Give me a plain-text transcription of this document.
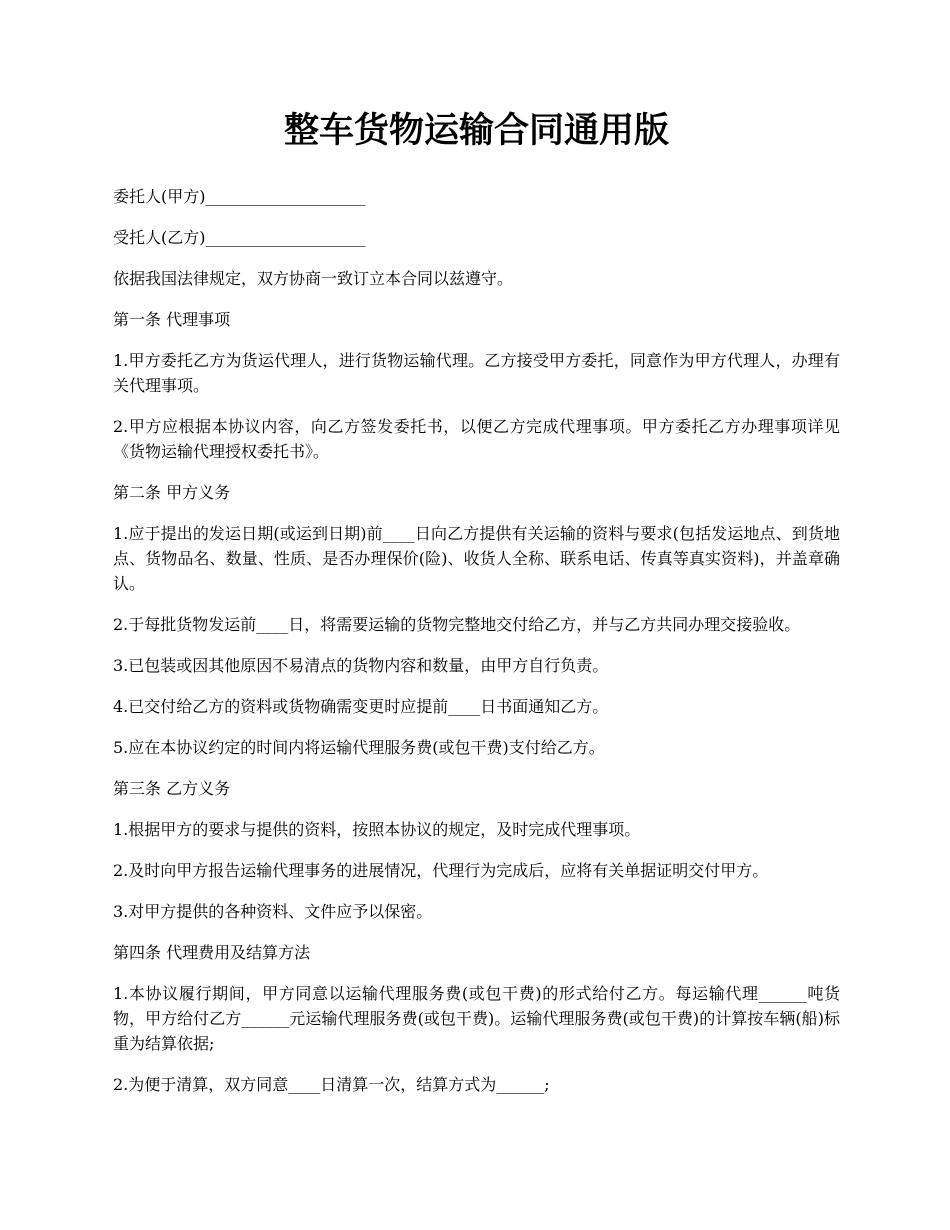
整车货物运输合同通用版

委托人(甲方)____________________

受托人(乙方)____________________

依据我国法律规定，双方协商一致订立本合同以兹遵守。

第一条 代理事项

1.甲方委托乙方为货运代理人，进行货物运输代理。乙方接受甲方委托，同意作为甲方代理人，办理有关代理事项。

2.甲方应根据本协议内容，向乙方签发委托书，以便乙方完成代理事项。甲方委托乙方办理事项详见《货物运输代理授权委托书》。

第二条 甲方义务

1.应于提出的发运日期(或运到日期)前____日向乙方提供有关运输的资料与要求(包括发运地点、到货地点、货物品名、数量、性质、是否办理保价(险)、收货人全称、联系电话、传真等真实资料)，并盖章确认。

2.于每批货物发运前____日，将需要运输的货物完整地交付给乙方，并与乙方共同办理交接验收。

3.已包装或因其他原因不易清点的货物内容和数量，由甲方自行负责。

4.已交付给乙方的资料或货物确需变更时应提前____日书面通知乙方。

5.应在本协议约定的时间内将运输代理服务费(或包干费)支付给乙方。

第三条 乙方义务

1.根据甲方的要求与提供的资料，按照本协议的规定，及时完成代理事项。

2.及时向甲方报告运输代理事务的进展情况，代理行为完成后，应将有关单据证明交付甲方。

3.对甲方提供的各种资料、文件应予以保密。

第四条 代理费用及结算方法

1.本协议履行期间，甲方同意以运输代理服务费(或包干费)的形式给付乙方。每运输代理______吨货物，甲方给付乙方______元运输代理服务费(或包干费)。运输代理服务费(或包干费)的计算按车辆(船)标重为结算依据;

2.为便于清算，双方同意____日清算一次，结算方式为______;
